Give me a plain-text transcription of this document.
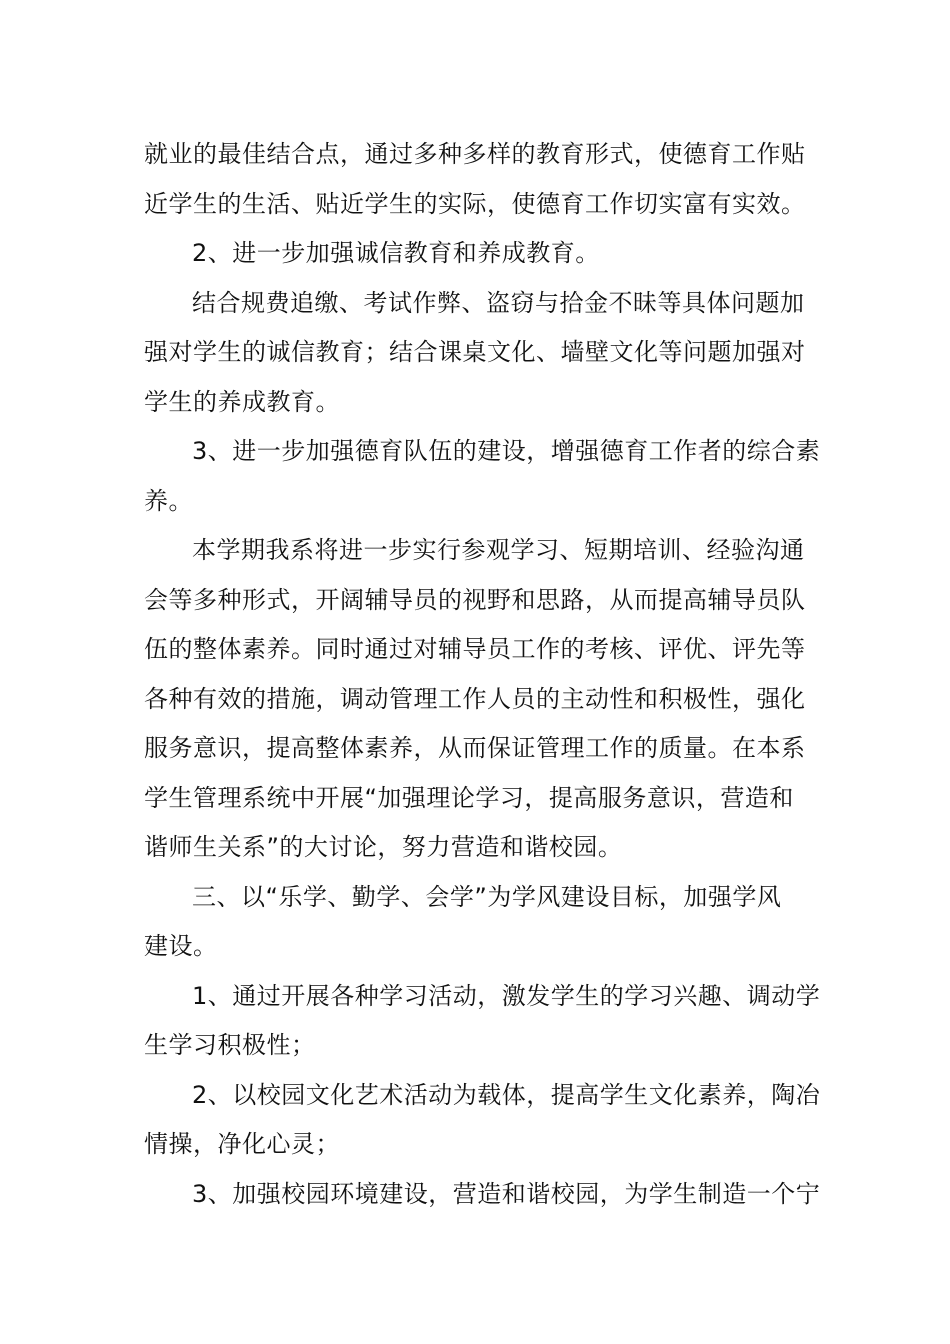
就业的最佳结合点，通过多种多样的教育形式，使德育工作贴
近学生的生活、贴近学生的实际，使德育工作切实富有实效。
2、进一步加强诚信教育和养成教育。
结合规费追缴、考试作弊、盗窃与拾金不昧等具体问题加
强对学生的诚信教育；结合课桌文化、墙壁文化等问题加强对
学生的养成教育。
3、进一步加强德育队伍的建设，增强德育工作者的综合素
养。
本学期我系将进一步实行参观学习、短期培训、经验沟通
会等多种形式，开阔辅导员的视野和思路，从而提高辅导员队
伍的整体素养。同时通过对辅导员工作的考核、评优、评先等
各种有效的措施，调动管理工作人员的主动性和积极性，强化
服务意识，提高整体素养，从而保证管理工作的质量。在本系
学生管理系统中开展“加强理论学习，提高服务意识，营造和
谐师生关系”的大讨论，努力营造和谐校园。
三、以“乐学、勤学、会学”为学风建设目标，加强学风
建设。
1、通过开展各种学习活动，激发学生的学习兴趣、调动学
生学习积极性；
2、以校园文化艺术活动为载体，提高学生文化素养，陶冶
情操，净化心灵；
3、加强校园环境建设，营造和谐校园，为学生制造一个宁
